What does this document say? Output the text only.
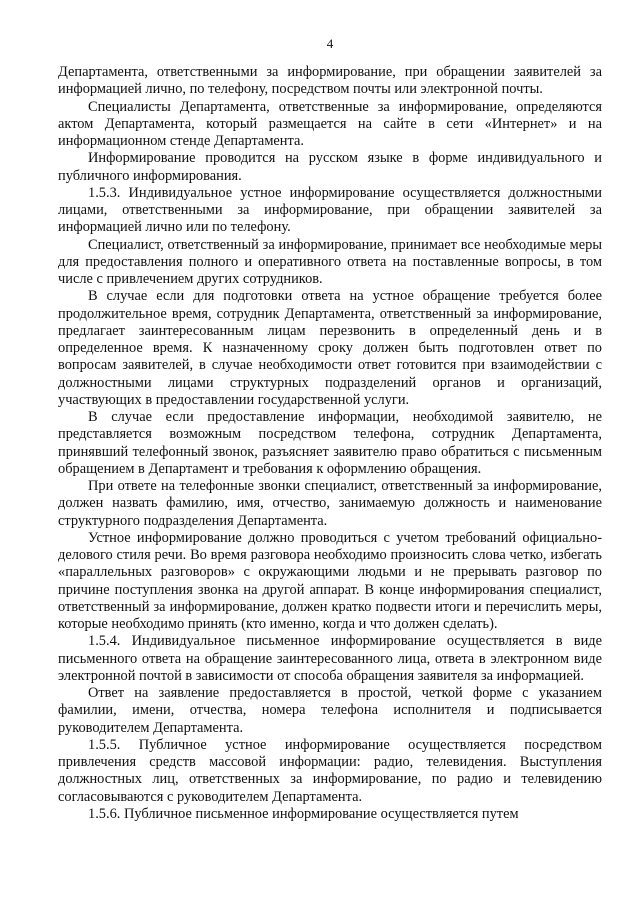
4

Департамента, ответственными за информирование, при обращении заявителей за информацией лично, по телефону, посредством почты или электронной почты.

Специалисты Департамента, ответственные за информирование, определяются актом Департамента, который размещается на сайте в сети «Интернет» и на информационном стенде Департамента.

Информирование проводится на русском языке в форме индивидуального и публичного информирования.

1.5.3. Индивидуальное устное информирование осуществляется должностными лицами, ответственными за информирование, при обращении заявителей за информацией лично или по телефону.

Специалист, ответственный за информирование, принимает все необходимые меры для предоставления полного и оперативного ответа на поставленные вопросы, в том числе с привлечением других сотрудников.

В случае если для подготовки ответа на устное обращение требуется более продолжительное время, сотрудник Департамента, ответственный за информирование, предлагает заинтересованным лицам перезвонить в определенный день и в определенное время. К назначенному сроку должен быть подготовлен ответ по вопросам заявителей, в случае необходимости ответ готовится при взаимодействии с должностными лицами структурных подразделений органов и организаций, участвующих в предоставлении государственной услуги.

В случае если предоставление информации, необходимой заявителю, не представляется возможным посредством телефона, сотрудник Департамента, принявший телефонный звонок, разъясняет заявителю право обратиться с письменным обращением в Департамент и требования к оформлению обращения.

При ответе на телефонные звонки специалист, ответственный за информирование, должен назвать фамилию, имя, отчество, занимаемую должность и наименование структурного подразделения Департамента.

Устное информирование должно проводиться с учетом требований официально-делового стиля речи. Во время разговора необходимо произносить слова четко, избегать «параллельных разговоров» с окружающими людьми и не прерывать разговор по причине поступления звонка на другой аппарат. В конце информирования специалист, ответственный за информирование, должен кратко подвести итоги и перечислить меры, которые необходимо принять (кто именно, когда и что должен сделать).

1.5.4. Индивидуальное письменное информирование осуществляется в виде письменного ответа на обращение заинтересованного лица, ответа в электронном виде электронной почтой в зависимости от способа обращения заявителя за информацией.

Ответ на заявление предоставляется в простой, четкой форме с указанием фамилии, имени, отчества, номера телефона исполнителя и подписывается руководителем Департамента.

1.5.5. Публичное устное информирование осуществляется посредством привлечения средств массовой информации: радио, телевидения. Выступления должностных лиц, ответственных за информирование, по радио и телевидению согласовываются с руководителем Департамента.

1.5.6. Публичное письменное информирование осуществляется путем
